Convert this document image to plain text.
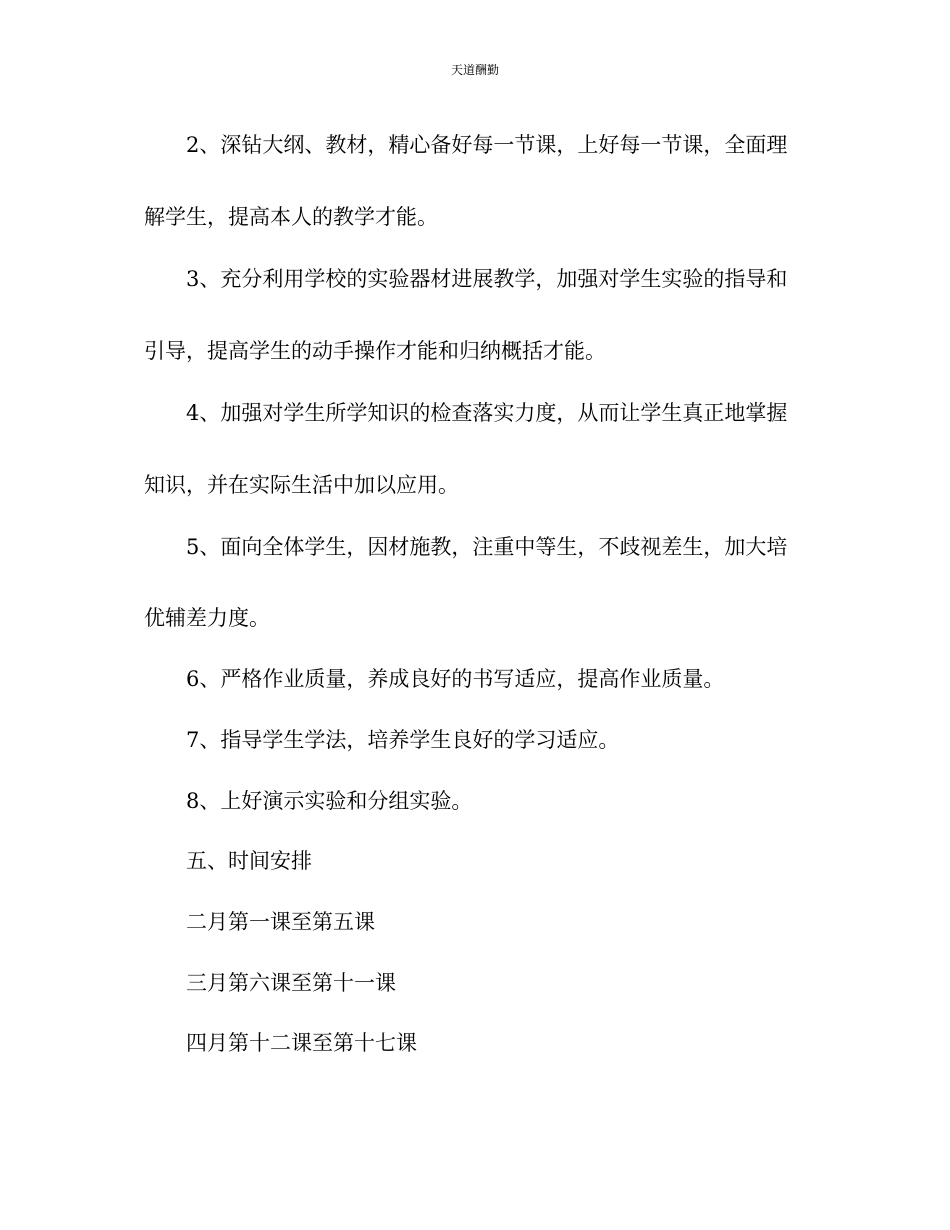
天道酬勤
2、深钻大纲、教材，精心备好每一节课，上好每一节课，全面理
解学生，提高本人的教学才能。
3、充分利用学校的实验器材进展教学，加强对学生实验的指导和
引导，提高学生的动手操作才能和归纳概括才能。
4、加强对学生所学知识的检查落实力度，从而让学生真正地掌握
知识，并在实际生活中加以应用。
5、面向全体学生，因材施教，注重中等生，不歧视差生，加大培
优辅差力度。
6、严格作业质量，养成良好的书写适应，提高作业质量。
7、指导学生学法，培养学生良好的学习适应。
8、上好演示实验和分组实验。
五、时间安排
二月第一课至第五课
三月第六课至第十一课
四月第十二课至第十七课
